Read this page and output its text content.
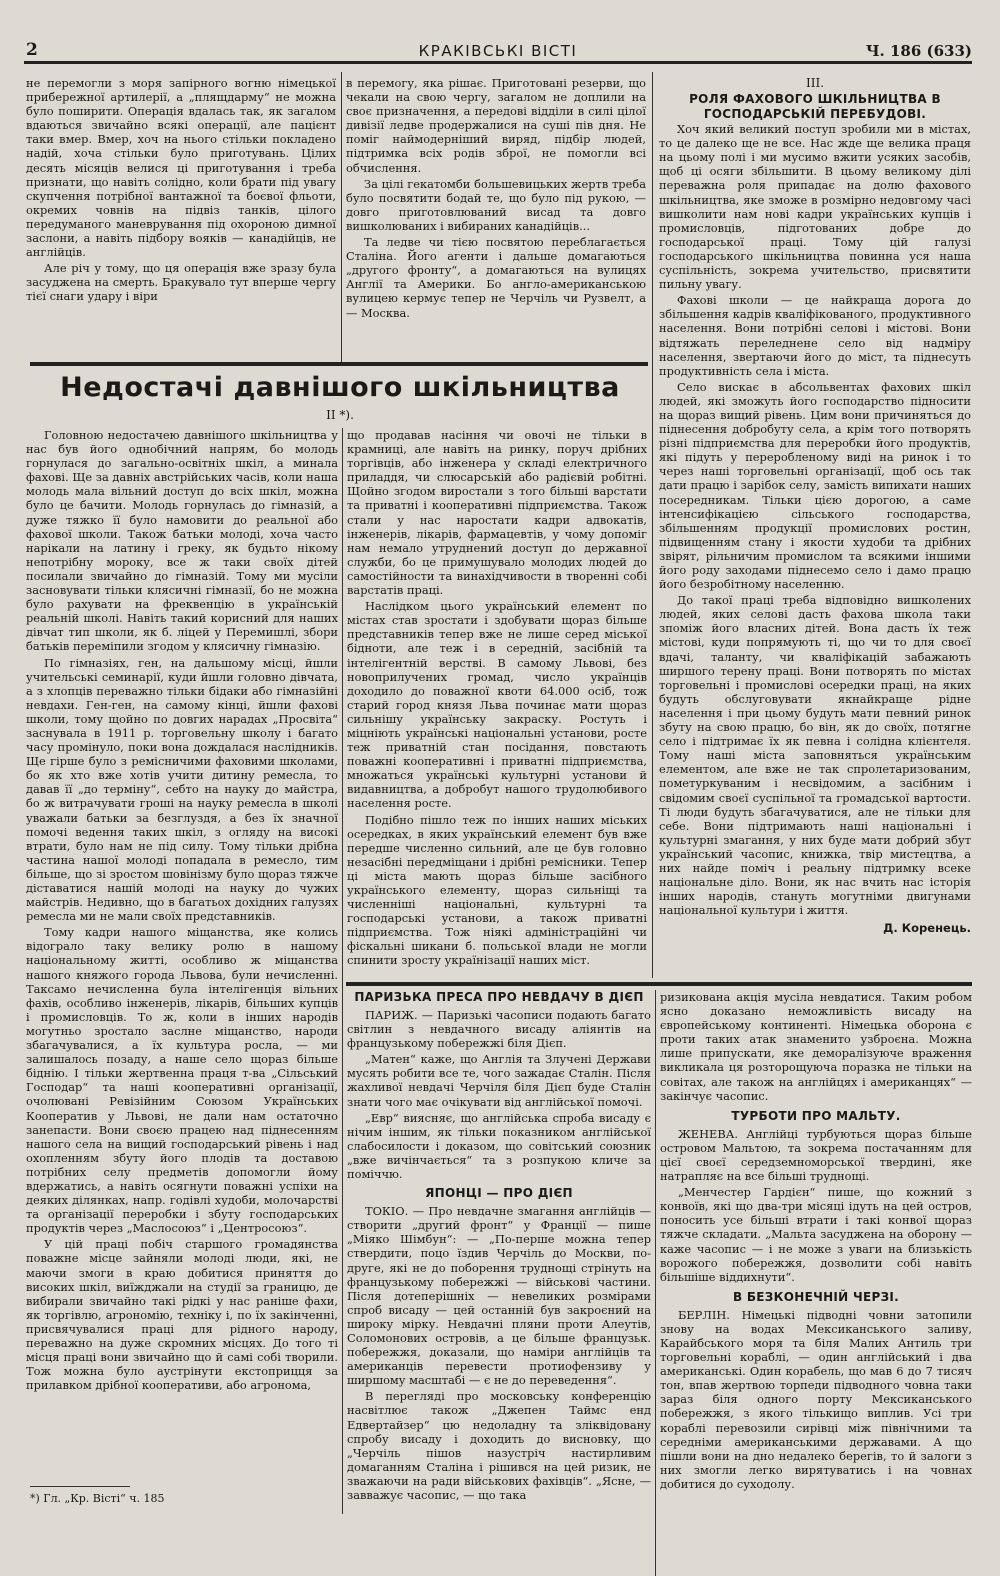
2	КРАКІВСЬКІ ВІСТІ	Ч. 186 (633)

не перемогли з моря запірного вогню німецької прибережної артилерії, а „плящдарму“ не можна було поширити. Операція вдалась так, як загалом вдаються звичайно всякі операції, але пацієнт таки вмер. Вмер, хоч на нього стільки покладено надій, хоча стільки було приготувань. Цілих десять місяців велися ці приготування і треба признати, що навіть солідно, коли брати під увагу скупчення потрібної вантажної та боєвої фльоти, окремих човнів на підвіз танків, цілого передуманого маневрування під охороною димної заслони, а навіть підбору вояків — канадійців, не англійців.

Але річ у тому, що ця операція вже зразу була засуджена на смерть. Бракувало тут вперше чергу тієї снаги удару і віри

в перемогу, яка рішає. Приготовані резерви, що чекали на свою чергу, загалом не доплили на своє призначення, а передові відділи в силі цілої дивізії ледве продержалися на суші пів дня. Не поміг наймодерніший виряд, підбір людей, підтримка всіх родів зброї, не помогли всі обчислення.

За цілі гекатомби большевицьких жертв треба було посвятити бодай те, що було під рукою, — довго приготовлюваний висад та довго вишколюваних і вибираних канадійців...

Та ледве чи тією посвятою переблагається Сталіна. Його агенти і дальше домагаються „другого фронту“, а домагаються на вулицях Англії та Америки. Бо англо-американською вулицею кермує тепер не Черчіль чи Рузвелт, а — Москва.

Недостачі давнішого шкільництва
II *).

Головною недостачею давнішого шкільництва у нас був його однобічний напрям, бо молодь горнулася до загально-освітніх шкіл, а минала фахові. Ще за давніх австрійських часів, коли наша молодь мала вільний доступ до всіх шкіл, можна було це бачити. Молодь горнулась до гімназій, а дуже тяжко її було намовити до реальної або фахової школи. Також батьки молоді, хоча часто нарікали на латину і греку, як будьто нікому непотрібну мороку, все ж таки своїх дітей посилали звичайно до гімназій. Тому ми мусіли засновувати тільки клясичні гімназії, бо не можна було рахувати на фреквенцію в українській реальній школі. Навіть такий корисний для наших дівчат тип школи, як б. ліцей у Перемишлі, збори батьків переміпили згодом у клясичну гімназію.

По гімназіях, ген, на дальшому місці, йшли учительські семинарії, куди йшли головно дівчата, а з хлопців переважно тільки бідаки або гімназійні невдахи. Ген-ген, на самому кінці, йшли фахові школи, тому щойно по довгих нарадах „Просвіта“ заснувала в 1911 р. торговельну школу і багато часу промінуло, поки вона дождалася наслідників. Ще гірше було з ремісничими фаховими школами, бо як хто вже хотів учити дитину ремесла, то давав її „до терміну“, себто на науку до майстра, бо ж витрачувати гроші на науку ремесла в школі уважали батьки за безглуздя, а без їх значної помочі ведення таких шкіл, з огляду на високі втрати, було нам не під силу. Тому тільки дрібна частина нашої молоді попадала в ремесло, тим більше, що зі зростом шовінізму було щораз тяжче діставатися нашій молоді на науку до чужих майстрів. Недивно, що в багатьох дохідних галузях ремесла ми не мали своїх представників.

Тому кадри нашого міщанства, яке колись відограло таку велику ролю в нашому національному житті, особливо ж міщанства нашого княжого города Львова, були нечисленні. Таксамо нечисленна була інтелігенція вільних фахів, особливо інженерів, лікарів, більших купців і промисловців. То ж, коли в інших народів могутньо зростало заслне міщанство, народи збагачувалися, а їх культура росла, — ми залишалось позаду, а наше село щораз більше біднію. І тільки жертвенна праця т-ва „Сільський Господар“ та наші кооперативні організації, очолювані Ревізійним Союзом Українських Кооператив у Львові, не дали нам остаточно занепасти. Вони своєю працею над піднесенням нашого села на вищий господарський рівень і над охопленням збуту його плодів та доставою потрібних селу предметів допомогли йому вдержатись, а навіть осягнути поважні успіхи на деяких ділянках, напр. годівлі худоби, молочарстві та організації переробки і збуту господарських продуктів через „Маслосоюз“ і „Центросоюз“.

У цій праці побіч старшого громадянства поважне місце зайняли молоді люди, які, не маючи змоги в краю добитися приняття до високих шкіл, виїжджали на студії за границю, де вибирали звичайно такі рідкі у нас раніше фахи, як торгівлю, агрономію, техніку і, по їх закінченні, присвячувалися праці для рідного народу, переважно на дуже скромних місцях. До того ті місця праці вони звичайно що й самі собі творили. Тож можна було аустрінути екстоприцця за прилавком дрібної кооперативи, або агронома,

що продавав насіння чи овочі не тільки в крамниці, але навіть на ринку, поруч дрібних торгівців, або інженера у складі електричного приладдя, чи слюсарській або радієвій робітні. Щойно згодом виростали з того більші варстати та приватні і кооперативні підприємства. Також стали у нас наростати кадри адвокатів, інженерів, лікарів, фармацевтів, у чому допоміг нам немало утруднений доступ до державної служби, бо це примушувало молодих людей до самостійности та винахідчивости в творенні собі варстатів праці.

Наслідком цього український елемент по містах став зростати і здобувати щораз більше представників тепер вже не лише серед міської бідноти, але теж і в середній, засібній та інтелігентній верстві. В самому Львові, без новоприлучених громад, число українців доходило до поважної квоти 64.000 осіб, тож старий город князя Льва починає мати щораз сильнішу українську закраску. Ростуть і міцніють українські національні установи, росте теж приватній стан посідання, повстають поважні кооперативні і приватні підприємства, множаться українські культурні установи й видавництва, а добробут нашого трудолюбивого населення росте.

Подібно пішло теж по інших наших міських осередках, в яких український елемент був вже передше численно сильний, але це був головно незасібні передміщани і дрібні ремісники. Тепер ці міста мають щораз більше засібного українського елементу, щораз сильніщі та численніші національні, культурні та господарські установи, а також приватні підприємства. Тож ніякі адміністраційні чи фіскальні шикани б. польської влади не могли спинити зросту українізації наших міст.

III.
РОЛЯ ФАХОВОГО ШКІЛЬНИЦТВА В ГОСПОДАРСЬКІЙ ПЕРЕБУДОВІ.

Хоч який великий поступ зробили ми в містах, то це далеко ще не все. Нас жде ще велика праця на цьому полі і ми мусимо вжити усяких засобів, щоб ці осяги збільшити. В цьому великому ділі переважна роля припадає на долю фахового шкільництва, яке зможе в розмірно недовгому часі вишколити нам нові кадри українських купців і промисловців, підготованих добре до господарської праці. Тому цій галузі господарського шкільництва повинна уся наша суспільність, зокрема учительство, присвятити пильну увагу.

Фахові школи — це найкраща дорога до збільшення кадрів кваліфікованого, продуктивного населення. Вони потрібні селові і містові. Вони відтяжать переледнене село від надміру населення, звертаючи його до міст, та піднесуть продуктивність села і міста.

Село вискає в абсольвентах фахових шкіл людей, які зможуть його господарство підносити на щораз вищий рівень. Цим вони причиняться до піднесення добробуту села, а крім того потворять різні підприємства для переробки його продуктів, які підуть у переробленому виді на ринок і то через наші торговельні організації, щоб ось так дати працю і зарібок селу, замість випихати наших посередникам. Тільки цією дорогою, а саме інтенсифікацією сільського господарства, збільшенням продукції промислових ростин, підвищенням стану і якости худоби та дрібних звірят, рільничим промислом та всякими іншими його роду заходами піднесемо село і дамо працю його безробітному населенню.

До такої праці треба відповідно вишколених людей, яких селові дасть фахова школа таки зпоміж його власних дітей. Вона дасть їх теж містові, куди попрямують ті, що чи то для своєї вдачі, таланту, чи кваліфікацій забажають ширшого терену праці. Вони потворять по містах торговельні і промислові осередки праці, на яких будуть обслуговувати якнайкраще рідне населення і при цьому будуть мати певний ринок збуту на свою працю, бо він, як до своїх, потягне село і підтримає їх як певна і солідна клієнтеля. Тому наші міста заповняться українським елементом, але вже не так спролетаризованим, пометуркуваним і несвідомим, а засібним і свідомим своєї суспільної та громадської вартости. Ті люди будуть збагачуватися, але не тільки для себе. Вони підтримають наші національні і культурні змагання, у них буде мати добрий збут український часопис, книжка, твір мистецтва, а них найде поміч і реальну підтримку всеке національне діло. Вони, як нас вчить нас історія інших народів, стануть могутніми двигунами національної культури і життя.

Д. Коренець.
ПАРИЗЬКА ПРЕСА ПРО НЕВДАЧУ В ДІЄП

ПАРИЖ. — Паризькі часописи подають багато світлин з невдачного висаду аліянтів на французькому побережжі біля Дієп.

„Матен“ каже, що Англія та Злучені Держави мусять робити все те, чого зажадає Сталін. Після жахливої невдачі Черчіля біля Дієп буде Сталін знати чого має очікувати від англійської помочі.

„Евр“ виясняє, що англійська спроба висаду є нічим іншим, як тільки показником англійської слабосилости і доказом, що совітський союзник „вже вичінчається“ та з розпукою кличе за поміччю.

ЯПОНЦІ — ПРО ДІЄП

ТОКІО. — Про невдачне змагання англійців — створити „другий фронт“ у Франції — пише „Міяко Шімбун“: — „По-перше можна тепер ствердити, поцо їздив Черчіль до Москви, по-друге, які не до поборення труднощі стрінуть на французькому побережжі — військові частини. Після дотеперішніх — невеликих розмірами спроб висаду — цей останній був закроєний на широку мірку. Невдачні пляни проти Алеутів, Соломонових островів, а це більше французьк. побережжя, доказали, що наміри англійців та американців перевести протиофензиву у ширшому масштабі — є не до переведення“.

В перегляді про московську конференцію насвітлює також „Джепен Таймс енд Едвертайзер“ цю недоладну та зліквідовану спробу висаду і доходить до висновку, що „Черчіль пішов назустріч настирливим домаганням Сталіна і рішився на цей ризик, не зважаючи на ради військових фахівців“. „Ясне, — завважує часопис, — що така

ризикована акція мусіла невдатися. Таким робом ясно доказано неможливість висаду на європейському континенті. Німецька оборона є проти таких атак знаменито узброєна. Можна лише припускати, яке деморалізуюче враження викликала ця розторощуюча поразка не тільки на совітах, але також на англійцях і американцях“ — закінчує часопис.

ТУРБОТИ ПРО МАЛЬТУ.

ЖЕНЕВА. Англійці турбуються щораз більше островом Мальтою, та зокрема постачанням для цієї своєї середземноморської твердині, яке натрапляє на все більші труднощі.

„Менчестер Гардієн“ пише, що кожний з конвоїв, які що два-три місяці ідуть на цей остров, поносить усе більші втрати і такі конвої щораз тяжче складати. „Мальта засуджена на оборону — каже часопис — і не може з уваги на близькість ворожого побережжя, дозволити собі навіть більшіше віддихнути“.

В БЕЗКОНЕЧНІЙ ЧЕРЗІ.

БЕРЛІН. Німецькі підводні човни затопили знову на водах Мексиканського заливу, Карайбського моря та біля Малих Антиль три торговельні кораблі, — один англійський і два американські. Один корабель, що мав 6 до 7 тисяч тон, впав жертвою торпеди підводного човна таки зараз біля одного порту Мексиканського побережжя, з якого тількищо виплив. Усі три кораблі перевозили сирівці між північними та середніми американськими державами. А що пішли вони на дно недалеко берегів, то й залоги з них змогли легко вирятуватись і на човнах добитися до суходолу.

*) Гл. „Кр. Вісті“ ч. 185
